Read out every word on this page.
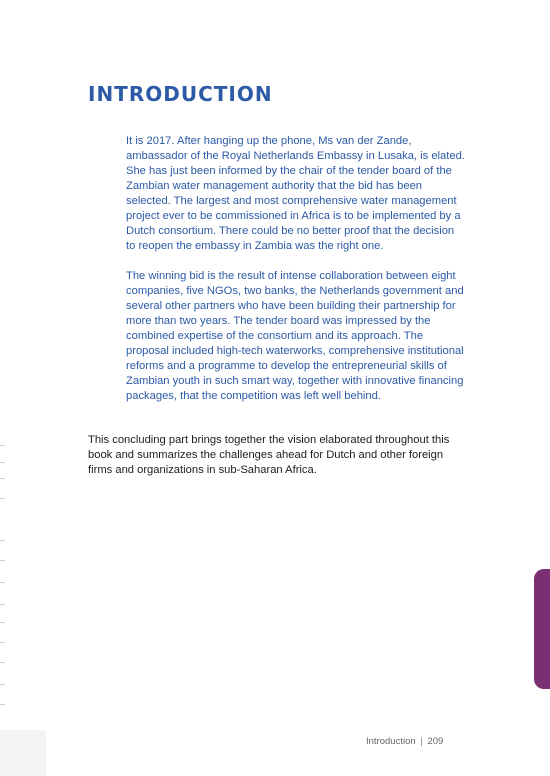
INTRODUCTION

It is 2017. After hanging up the phone, Ms van der Zande, ambassador of the Royal Netherlands Embassy in Lusaka, is elated. She has just been informed by the chair of the tender board of the Zambian water management authority that the bid has been selected. The largest and most comprehensive water management project ever to be commissioned in Africa is to be implemented by a Dutch consortium. There could be no better proof that the decision to reopen the embassy in Zambia was the right one.

The winning bid is the result of intense collaboration between eight companies, five NGOs, two banks, the Netherlands government and several other partners who have been building their partnership for more than two years. The tender board was impressed by the combined expertise of the consortium and its approach. The proposal included high-tech waterworks, comprehensive institutional reforms and a programme to develop the entrepreneurial skills of Zambian youth in such smart way, together with innovative financing packages, that the competition was left well behind.

This concluding part brings together the vision elaborated throughout this book and summarizes the challenges ahead for Dutch and other foreign firms and organizations in sub-Saharan Africa.

Introduction | 209
